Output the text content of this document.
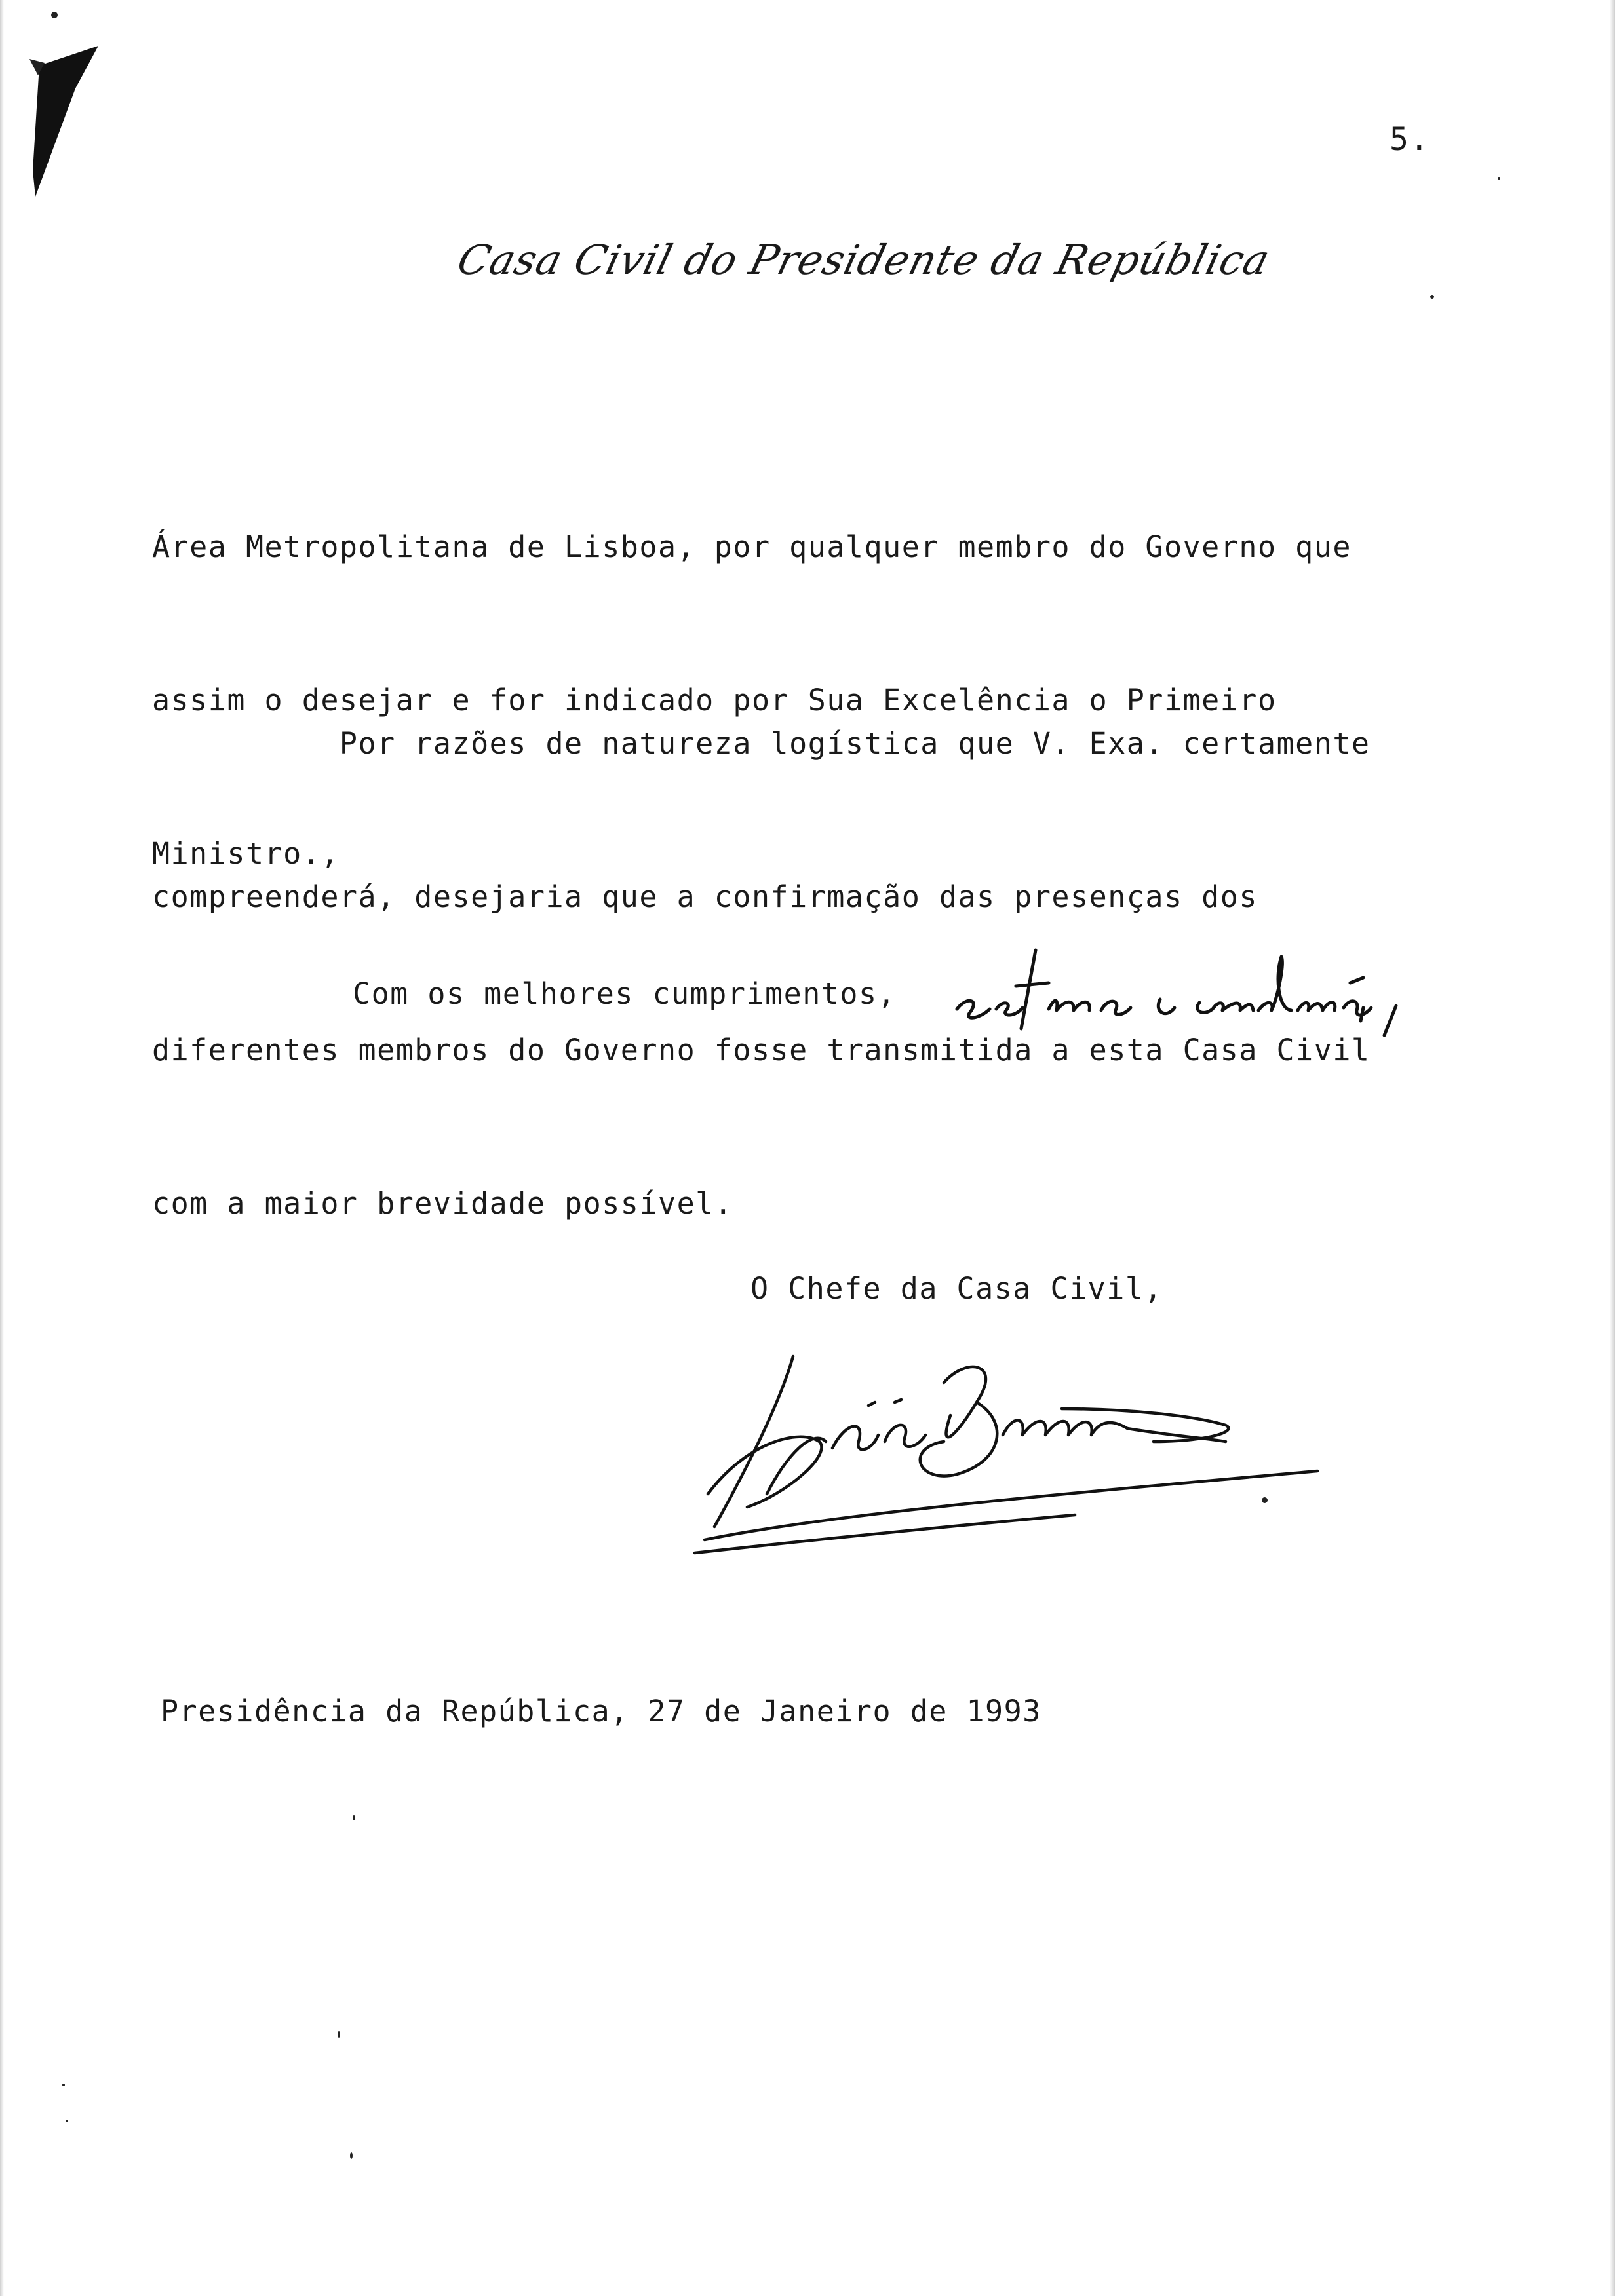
5.
Casa Civil do Presidente da República

Área Metropolitana de Lisboa, por qualquer membro do Governo que

assim o desejar e for indicado por Sua Excelência o Primeiro

Ministro.,

Por razões de natureza logística que V. Exa. certamente

compreenderá, desejaria que a confirmação das presenças dos

diferentes membros do Governo fosse transmitida a esta Casa Civil

com a maior brevidade possível.

Com os melhores cumprimentos,
O Chefe da Casa Civil,
Presidência da República, 27 de Janeiro de 1993
